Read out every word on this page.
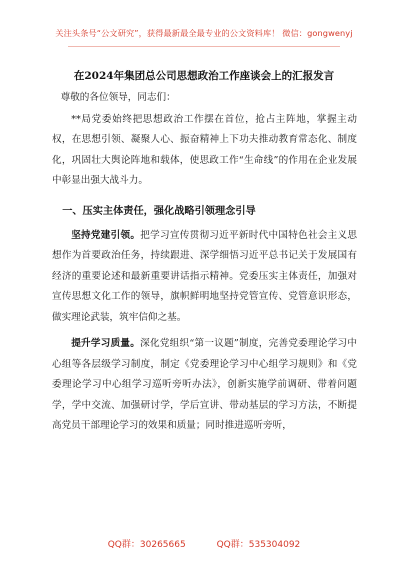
关注头条号“公文研究”，获得最新最全最专业的公文资料库！ 微信：gongwenyj
在2024年集团总公司思想政治工作座谈会上的汇报发言

尊敬的各位领导，同志们：

**局党委始终把思想政治工作摆在首位，抢占主阵地，掌握主动权，在思想引领、凝聚人心、振奋精神上下功夫推动教育常态化、制度化，巩固壮大舆论阵地和载体，使思政工作“生命线”的作用在企业发展中彰显出强大战斗力。

一、压实主体责任，强化战略引领理念引导

坚持党建引领。把学习宣传贯彻习近平新时代中国特色社会主义思想作为首要政治任务，持续跟进、深学细悟习近平总书记关于发展国有经济的重要论述和最新重要讲话指示精神。党委压实主体责任，加强对宣传思想文化工作的领导，旗帜鲜明地坚持党管宣传、党管意识形态，做实理论武装，筑牢信仰之基。

提升学习质量。深化党组织“第一议题”制度，完善党委理论学习中心组等各层级学习制度，制定《党委理论学习中心组学习规则》和《党委理论学习中心组学习巡听旁听办法》，创新实施学前调研、带着问题学，学中交流、加强研讨学，学后宣讲、带动基层的学习方法，不断提高党员干部理论学习的效果和质量；同时推进巡听旁听，

QQ群：30265665	QQ群：535304092
